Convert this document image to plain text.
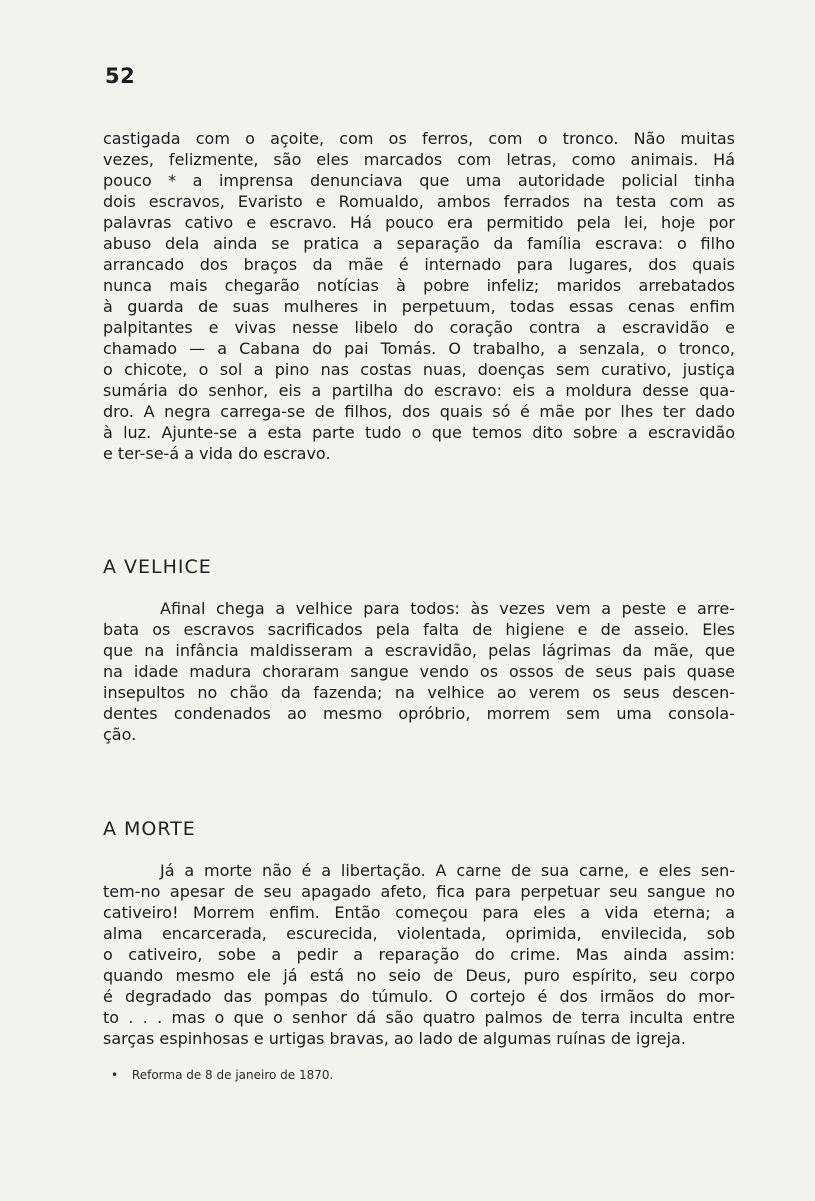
52
castigada com o açoite, com os ferros, com o tronco. Não muitas
vezes, felizmente, são eles marcados com letras, como animais. Há
pouco * a imprensa denunciava que uma autoridade policial tinha
dois escravos, Evaristo e Romualdo, ambos ferrados na testa com as
palavras cativo e escravo. Há pouco era permitido pela lei, hoje por
abuso dela ainda se pratica a separação da família escrava: o filho
arrancado dos braços da mãe é internado para lugares, dos quais
nunca mais chegarão notícias à pobre infeliz; maridos arrebatados
à guarda de suas mulheres in perpetuum, todas essas cenas enfim
palpitantes e vivas nesse libelo do coração contra a escravidão e
chamado — a Cabana do pai Tomás. O trabalho, a senzala, o tronco,
o chicote, o sol a pino nas costas nuas, doenças sem curativo, justiça
sumária do senhor, eis a partilha do escravo: eis a moldura desse qua-
dro. A negra carrega-se de filhos, dos quais só é mãe por lhes ter dado
à luz. Ajunte-se a esta parte tudo o que temos dito sobre a escravidão
e ter-se-á a vida do escravo.
A VELHICE
Afinal chega a velhice para todos: às vezes vem a peste e arre-
bata os escravos sacrificados pela falta de higiene e de asseio. Eles
que na infância maldisseram a escravidão, pelas lágrimas da mãe, que
na idade madura choraram sangue vendo os ossos de seus pais quase
insepultos no chão da fazenda; na velhice ao verem os seus descen-
dentes condenados ao mesmo opróbrio, morrem sem uma consola-
ção.
A MORTE
Já a morte não é a libertação. A carne de sua carne, e eles sen-
tem-no apesar de seu apagado afeto, fica para perpetuar seu sangue no
cativeiro! Morrem enfim. Então começou para eles a vida eterna; a
alma encarcerada, escurecida, violentada, oprimida, envilecida, sob
o cativeiro, sobe a pedir a reparação do crime. Mas ainda assim:
quando mesmo ele já está no seio de Deus, puro espírito, seu corpo
é degradado das pompas do túmulo. O cortejo é dos irmãos do mor-
to . . . mas o que o senhor dá são quatro palmos de terra inculta entre
sarças espinhosas e urtigas bravas, ao lado de algumas ruínas de igreja.
• Reforma de 8 de janeiro de 1870.
